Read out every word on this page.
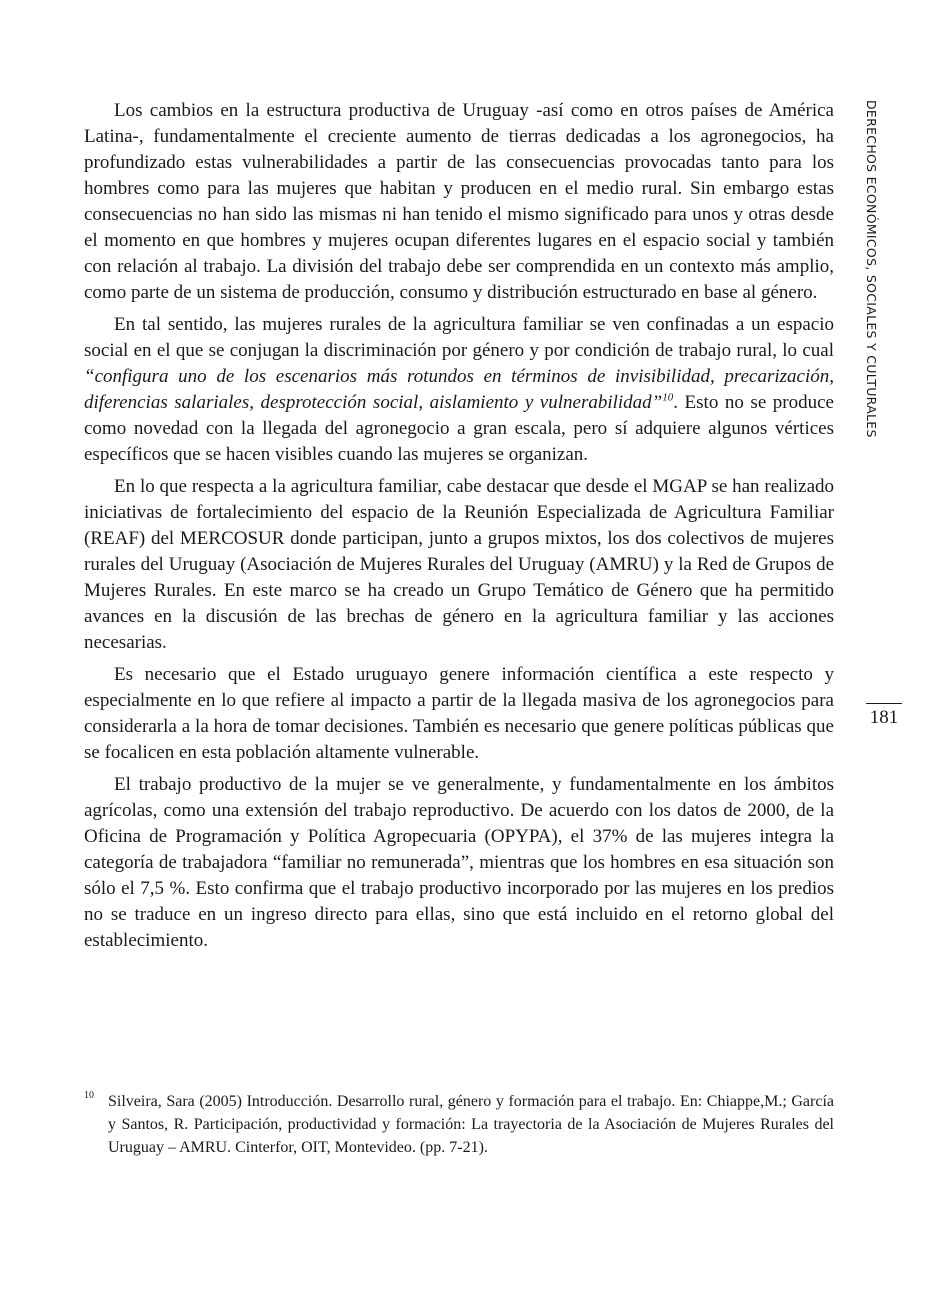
Los cambios en la estructura productiva de Uruguay -así como en otros países de América Latina-, fundamentalmente el creciente aumento de tierras dedicadas a los agronegocios, ha profundizado estas vulnerabilidades a partir de las consecuencias provocadas tanto para los hombres como para las mujeres que habitan y producen en el medio rural. Sin embargo estas consecuencias no han sido las mismas ni han tenido el mismo significado para unos y otras desde el momento en que hombres y mujeres ocupan diferentes lugares en el espacio social y también con relación al trabajo. La división del trabajo debe ser comprendida en un contexto más amplio, como parte de un sistema de producción, consumo y distribución estructurado en base al género.

En tal sentido, las mujeres rurales de la agricultura familiar se ven confinadas a un espacio social en el que se conjugan la discriminación por género y por condición de trabajo rural, lo cual “configura uno de los escenarios más rotundos en términos de invisibilidad, precarización, diferencias salariales, desprotección social, aislamiento y vulnerabilidad”$^{10}$. Esto no se produce como novedad con la llegada del agronegocio a gran escala, pero sí adquiere algunos vértices específicos que se hacen visibles cuando las mujeres se organizan.

En lo que respecta a la agricultura familiar, cabe destacar que desde el MGAP se han realizado iniciativas de fortalecimiento del espacio de la Reunión Especializada de Agricultura Familiar (REAF) del MERCOSUR donde participan, junto a grupos mixtos, los dos colectivos de mujeres rurales del Uruguay (Asociación de Mujeres Rurales del Uruguay (AMRU) y la Red de Grupos de Mujeres Rurales. En este marco se ha creado un Grupo Temático de Género que ha permitido avances en la discusión de las brechas de género en la agricultura familiar y las acciones necesarias.

Es necesario que el Estado uruguayo genere información científica a este respecto y especialmente en lo que refiere al impacto a partir de la llegada masiva de los agronegocios para considerarla a la hora de tomar decisiones. También es necesario que genere políticas públicas que se focalicen en esta población altamente vulnerable.

El trabajo productivo de la mujer se ve generalmente, y fundamentalmente en los ámbitos agrícolas, como una extensión del trabajo reproductivo. De acuerdo con los datos de 2000, de la Oficina de Programación y Política Agropecuaria (OPYPA), el 37% de las mujeres integra la categoría de trabajadora “familiar no remunerada”, mientras que los hombres en esa situación son sólo el 7,5 %. Esto confirma que el trabajo productivo incorporado por las mujeres en los predios no se traduce en un ingreso directo para ellas, sino que está incluido en el retorno global del establecimiento.

DERECHOS ECONÓMICOS, SOCIALES Y CULTURALES
181
10 Silveira, Sara (2005) Introducción. Desarrollo rural, género y formación para el trabajo. En: Chiappe,M.; García y Santos, R. Participación, productividad y formación: La trayectoria de la Asociación de Mujeres Rurales del Uruguay – AMRU. Cinterfor, OIT, Montevideo. (pp. 7-21).
